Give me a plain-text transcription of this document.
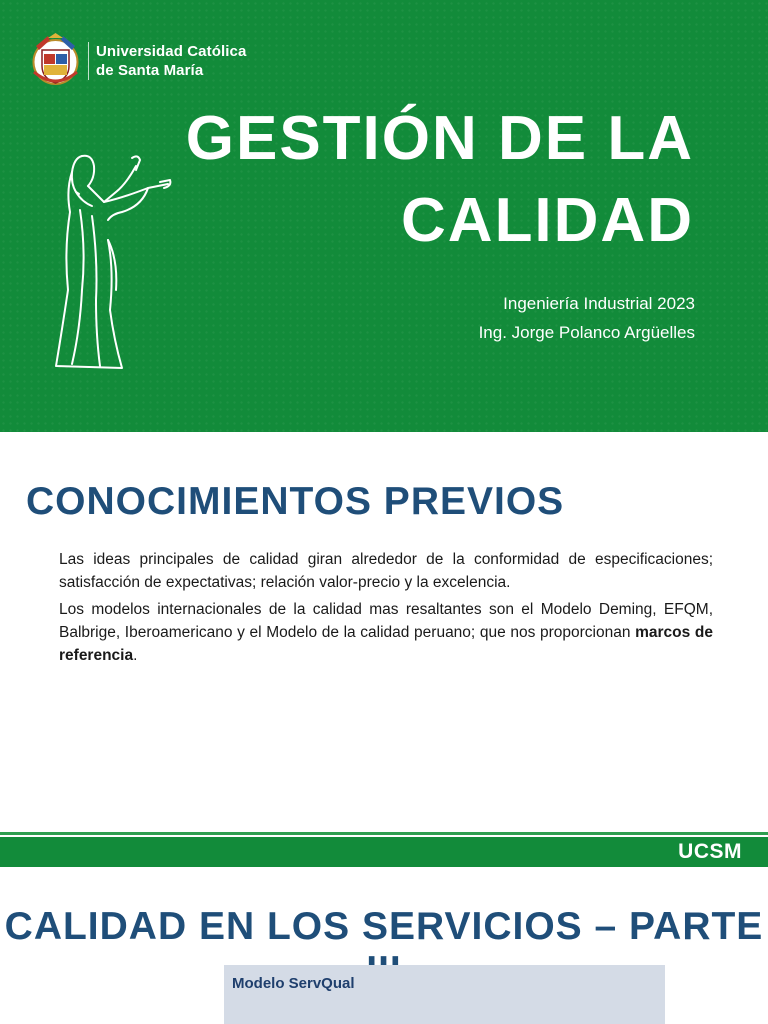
Universidad Católica
de Santa María
GESTIÓN DE LA
CALIDAD
Ingeniería Industrial 2023
Ing. Jorge Polanco Argüelles
CONOCIMIENTOS PREVIOS

Las ideas principales de calidad giran alrededor de la conformidad de especificaciones; satisfacción de expectativas; relación valor-precio y la excelencia.

Los modelos internacionales de la calidad mas resaltantes son el Modelo Deming, EFQM, Balbrige, Iberoamericano y el Modelo de la calidad peruano; que nos proporcionan marcos de referencia.

UCSM
CALIDAD EN LOS SERVICIOS – PARTE
Modelo ServQual
